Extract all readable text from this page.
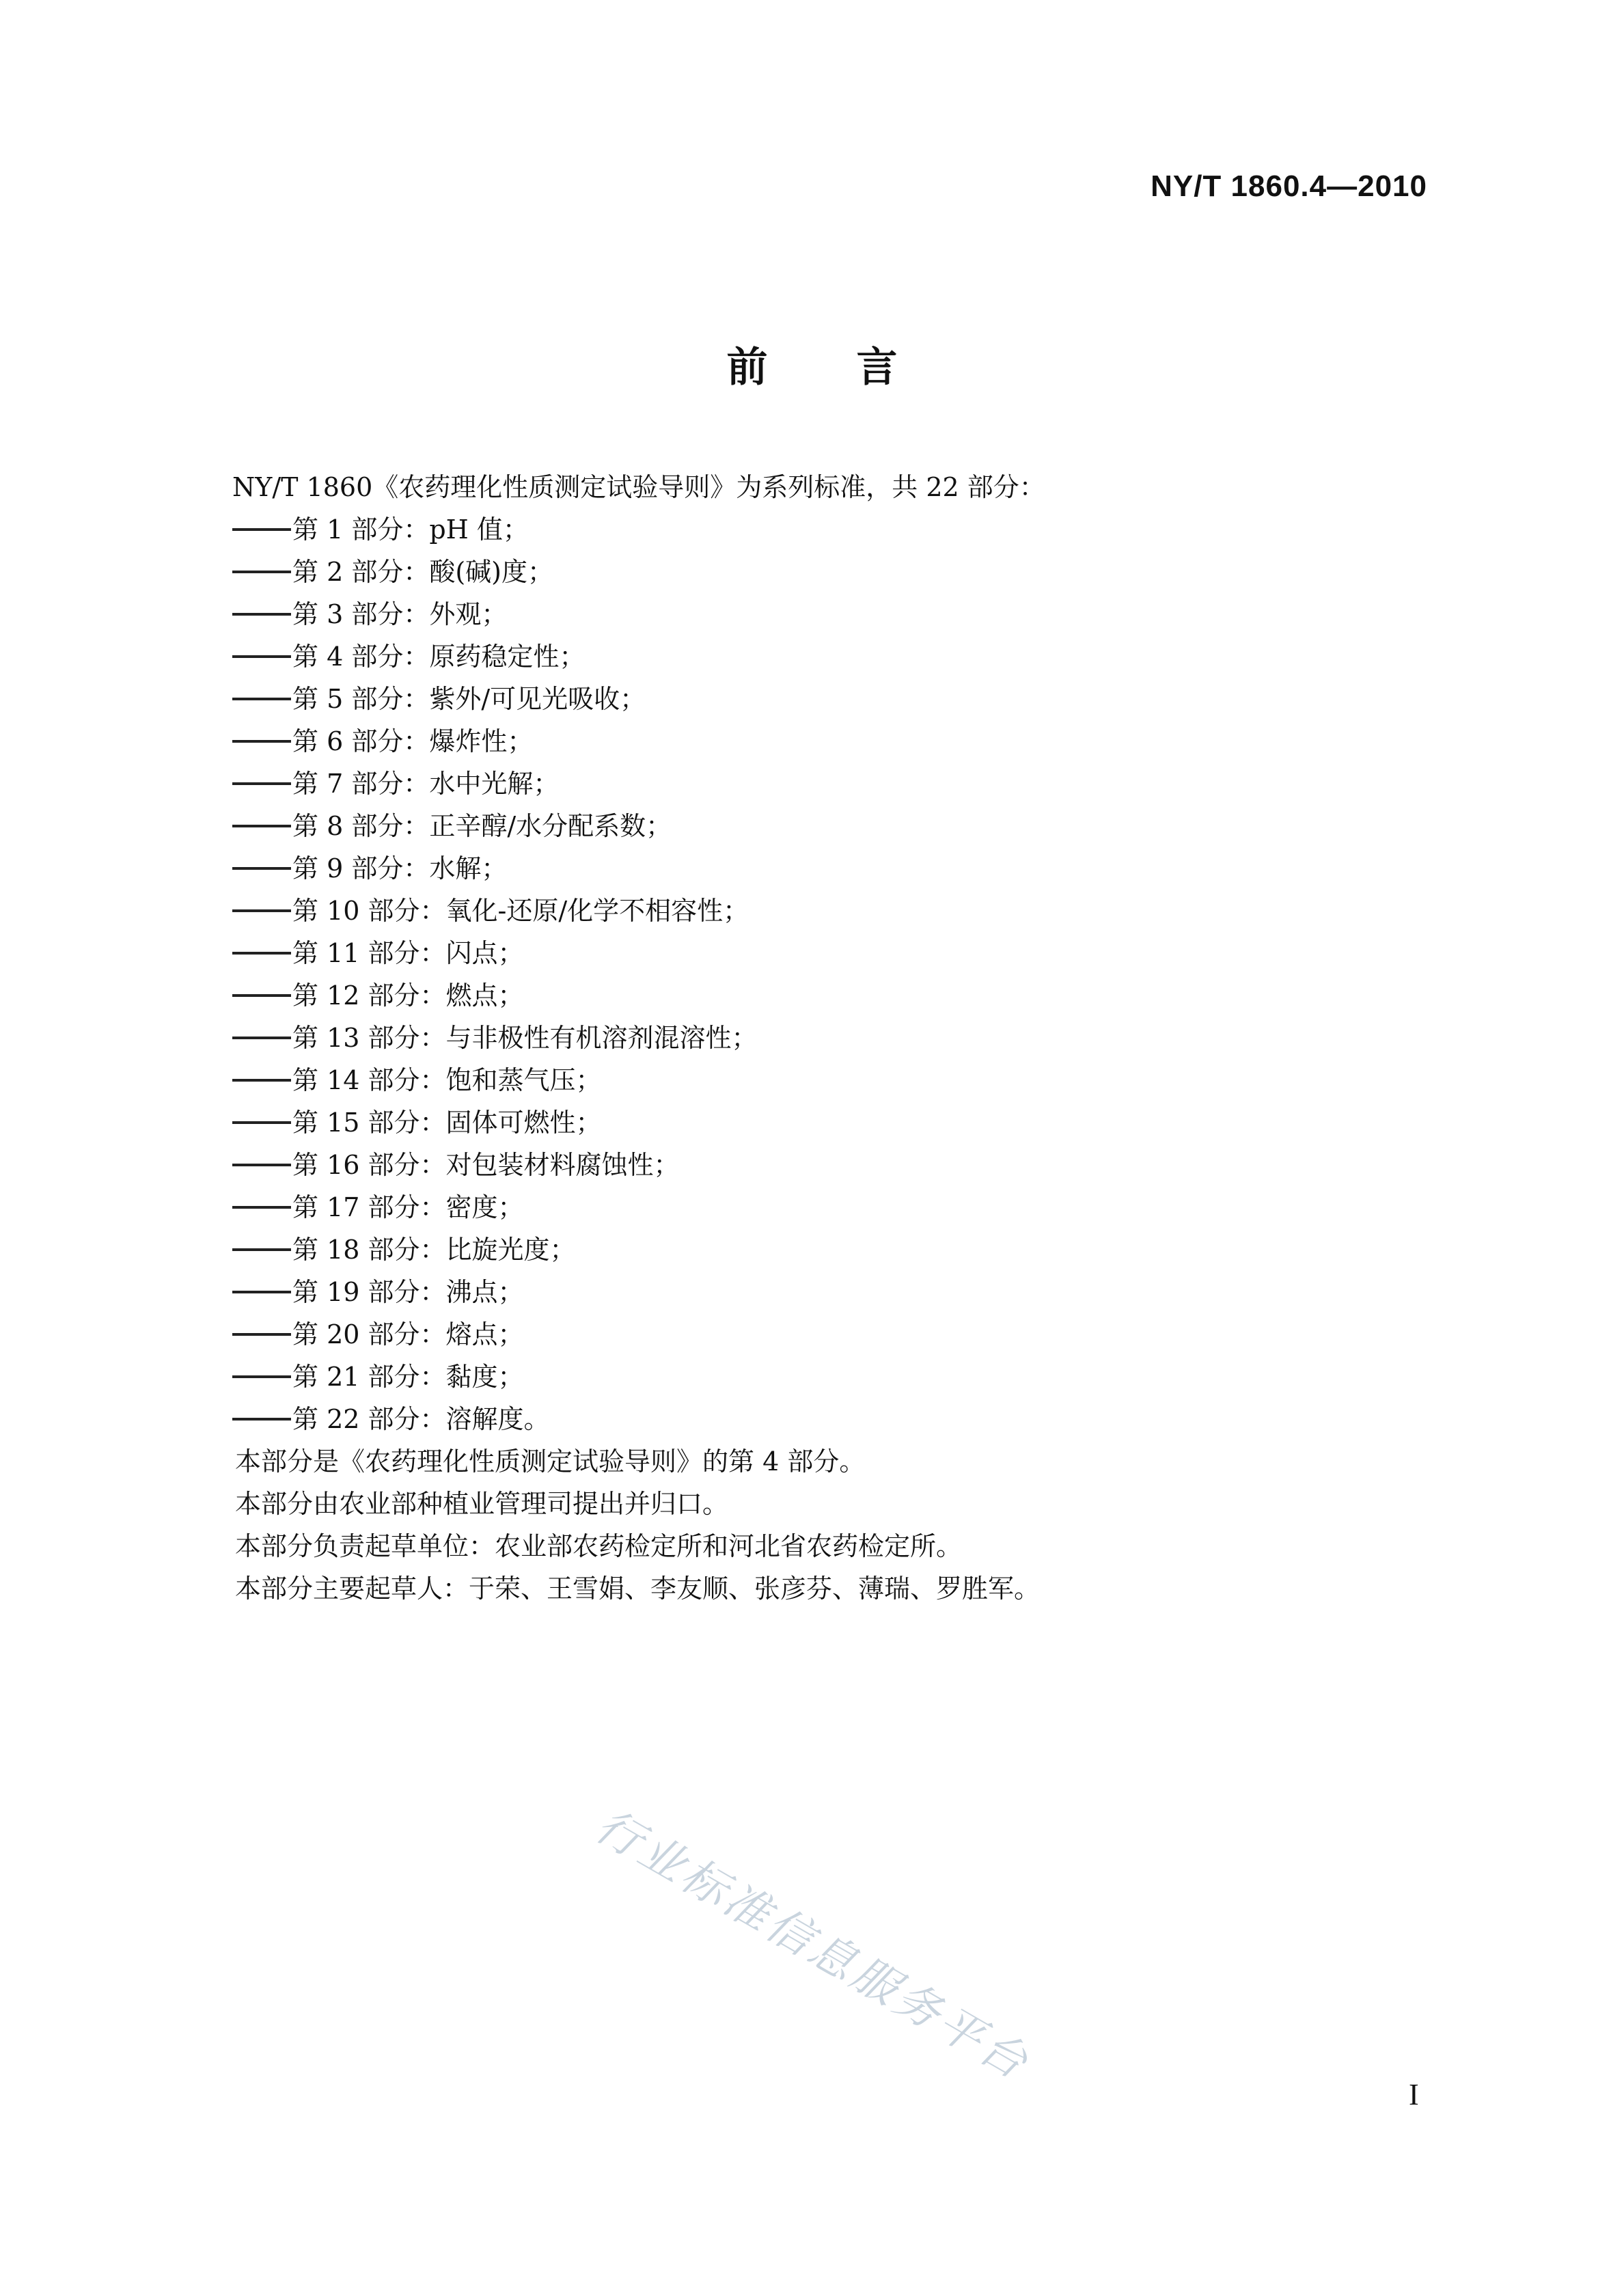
NY/T 1860.4—2010
前言
NY/T 1860《农药理化性质测定试验导则》为系列标准，共 22 部分：
第 1 部分：pH 值；
第 2 部分：酸(碱)度；
第 3 部分：外观；
第 4 部分：原药稳定性；
第 5 部分：紫外/可见光吸收；
第 6 部分：爆炸性；
第 7 部分：水中光解；
第 8 部分：正辛醇/水分配系数；
第 9 部分：水解；
第 10 部分：氧化-还原/化学不相容性；
第 11 部分：闪点；
第 12 部分：燃点；
第 13 部分：与非极性有机溶剂混溶性；
第 14 部分：饱和蒸气压；
第 15 部分：固体可燃性；
第 16 部分：对包装材料腐蚀性；
第 17 部分：密度；
第 18 部分：比旋光度；
第 19 部分：沸点；
第 20 部分：熔点；
第 21 部分：黏度；
第 22 部分：溶解度。
本部分是《农药理化性质测定试验导则》的第 4 部分。
本部分由农业部种植业管理司提出并归口。
本部分负责起草单位：农业部农药检定所和河北省农药检定所。
本部分主要起草人：于荣、王雪娟、李友顺、张彦芬、薄瑞、罗胜军。
行业标准信息服务平台
I
